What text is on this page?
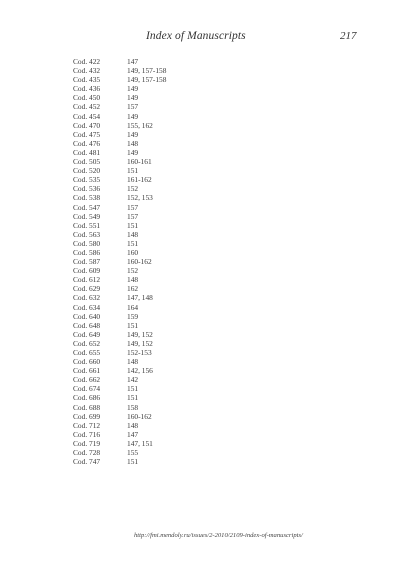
Index of Manuscripts	217
Cod. 422	147
Cod. 432	149, 157-158
Cod. 435	149, 157-158
Cod. 436	149
Cod. 450	149
Cod. 452	157
Cod. 454	149
Cod. 470	155, 162
Cod. 475	149
Cod. 476	148
Cod. 481	149
Cod. 505	160-161
Cod. 520	151
Cod. 535	161-162
Cod. 536	152
Cod. 538	152, 153
Cod. 547	157
Cod. 549	157
Cod. 551	151
Cod. 563	148
Cod. 580	151
Cod. 586	160
Cod. 587	160-162
Cod. 609	152
Cod. 612	148
Cod. 629	162
Cod. 632	147, 148
Cod. 634	164
Cod. 640	159
Cod. 648	151
Cod. 649	149, 152
Cod. 652	149, 152
Cod. 655	152-153
Cod. 660	148
Cod. 661	142, 156
Cod. 662	142
Cod. 674	151
Cod. 686	151
Cod. 688	158
Cod. 699	160-162
Cod. 712	148
Cod. 716	147
Cod. 719	147, 151
Cod. 728	155
Cod. 747	151
http://fmi.mendoly.ru/issues/2-2010/2109-index-of-manuscripts/
